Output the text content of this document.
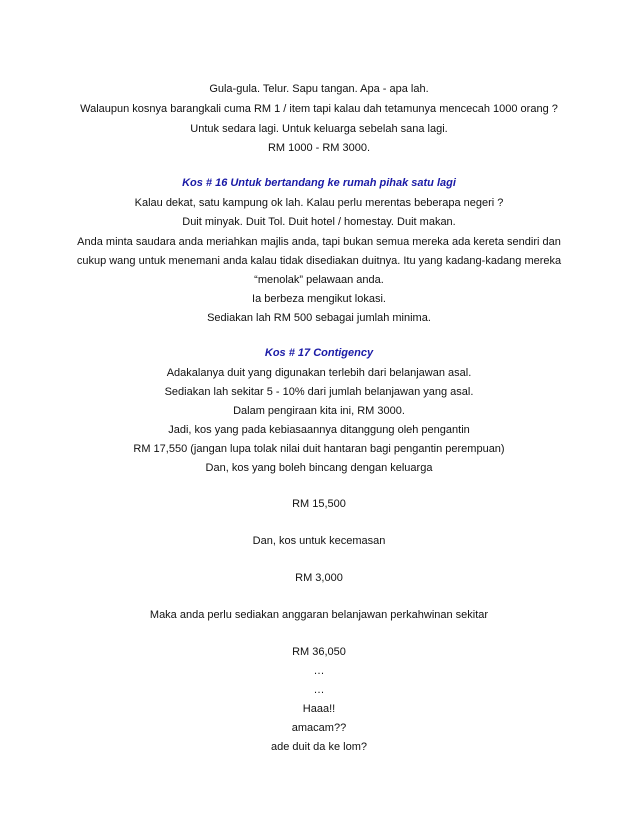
Gula-gula. Telur. Sapu tangan. Apa - apa lah.
Walaupun kosnya barangkali cuma RM 1 / item tapi kalau dah tetamunya mencecah 1000 orang ?
Untuk sedara lagi. Untuk keluarga sebelah sana lagi.
RM 1000 - RM 3000.
Kos # 16 Untuk bertandang ke rumah pihak satu lagi
Kalau dekat, satu kampung ok lah. Kalau perlu merentas beberapa negeri ?
Duit minyak. Duit Tol. Duit hotel / homestay. Duit makan.
Anda minta saudara anda meriahkan majlis anda, tapi bukan semua mereka ada kereta sendiri dan
cukup wang untuk menemani anda kalau tidak disediakan duitnya. Itu yang kadang-kadang mereka
“menolak” pelawaan anda.
Ia berbeza mengikut lokasi.
Sediakan lah RM 500 sebagai jumlah minima.
Kos # 17 Contigency
Adakalanya duit yang digunakan terlebih dari belanjawan asal.
Sediakan lah sekitar 5 - 10% dari jumlah belanjawan yang asal.
Dalam pengiraan kita ini, RM 3000.
Jadi, kos yang pada kebiasaannya ditanggung oleh pengantin
RM 17,550 (jangan lupa tolak nilai duit hantaran bagi pengantin perempuan)
Dan, kos yang boleh bincang dengan keluarga
RM 15,500
Dan, kos untuk kecemasan
RM 3,000
Maka anda perlu sediakan anggaran belanjawan perkahwinan sekitar
RM 36,050
…
…
Haaa!!
amacam??
ade duit da ke lom?
